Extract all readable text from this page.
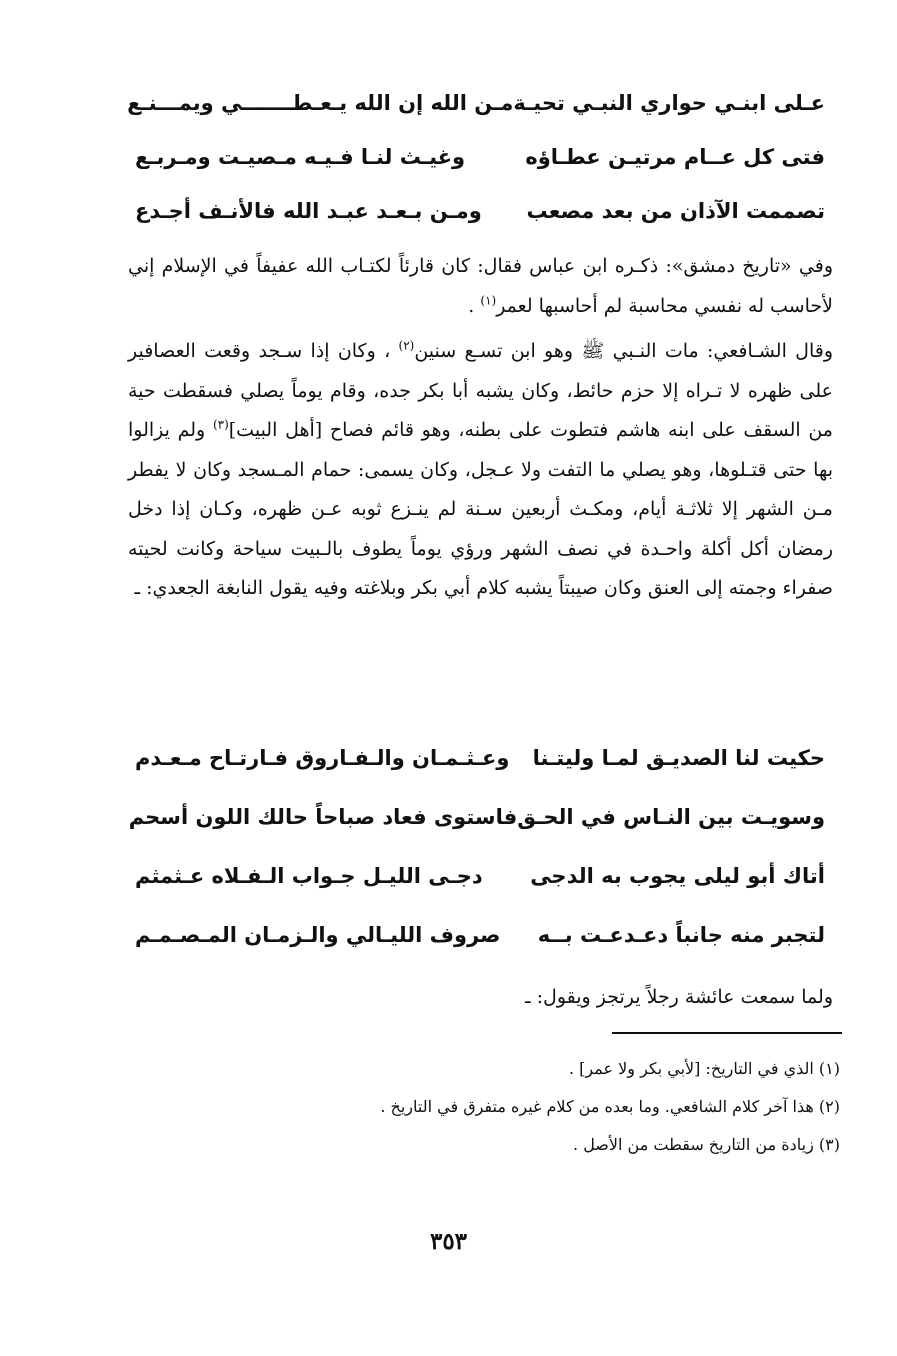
عـلى ابنـي حواري النبـي تحيـة
مـن الله إن الله يـعـطـــــــي ويمـــنـع
فتى كل عــام مرتيـن عطـاؤه
وغيـث لنـا فـيـه مـصيـت ومـربـع
تصممت الآذان من بعد مصعب
ومـن بـعـد عبـد الله فالأنـف أجـدع

وفي «تاريخ دمشق»: ذكـره ابن عباس فقال: كان قارئاً لكتـاب الله عفيفاً في الإسلام إني لأحاسب له نفسي محاسبة لم أحاسبها لعمر$^{(١)}$ .

وقال الشـافعي: مات النـبي ﷺ وهو ابن تسـع سنين$^{(٢)}$ ، وكان إذا سـجد وقعت العصافير على ظهره لا تـراه إلا حزم حائط، وكان يشبه أبا بكر جده، وقام يوماً يصلي فسقطت حية من السقف على ابنه هاشم فتطوت على بطنه، وهو قائم فصاح [أهل البيت]$^{(٣)}$ ولم يزالوا بها حتى قتـلوها، وهو يصلي ما التفت ولا عـجل، وكان يسمى: حمام المـسجد وكان لا يفطر مـن الشهر إلا ثلاثـة أيام، ومكـث أربعين سـنة لم ينـزع ثوبه عـن ظهره، وكـان إذا دخل رمضان أكل أكلة واحـدة في نصف الشهر ورؤي يوماً يطوف بالـبيت سياحة وكانت لحيته صفراء وجمته إلى العنق وكان صيبتاً يشبه كلام أبي بكر وبلاغته وفيه يقول النابغة الجعدي: ـ

حكيت لنا الصديـق لمـا وليتـنا
وعـثـمـان والـفـاروق فـارتـاح مـعـدم
وسويـت بين النـاس في الحـق
فاستوى فعاد صباحاً حالك اللون أسحم
أتاك أبو ليلى يجوب به الدجى
دجـى الليـل جـواب الـفـلاه عـثمثم
لتجبر منه جانباً دعـدعـت بــه
صروف الليـالي والـزمـان المـصـمـم

ولما سمعت عائشة رجلاً يرتجز ويقول: ـ

(١) الذي في التاريخ: [لأبي بكر ولا عمر] .
(٢) هذا آخر كلام الشافعي. وما بعده من كلام غيره متفرق في التاريخ .
(٣) زيادة من التاريخ سقطت من الأصل .
٣٥٣
